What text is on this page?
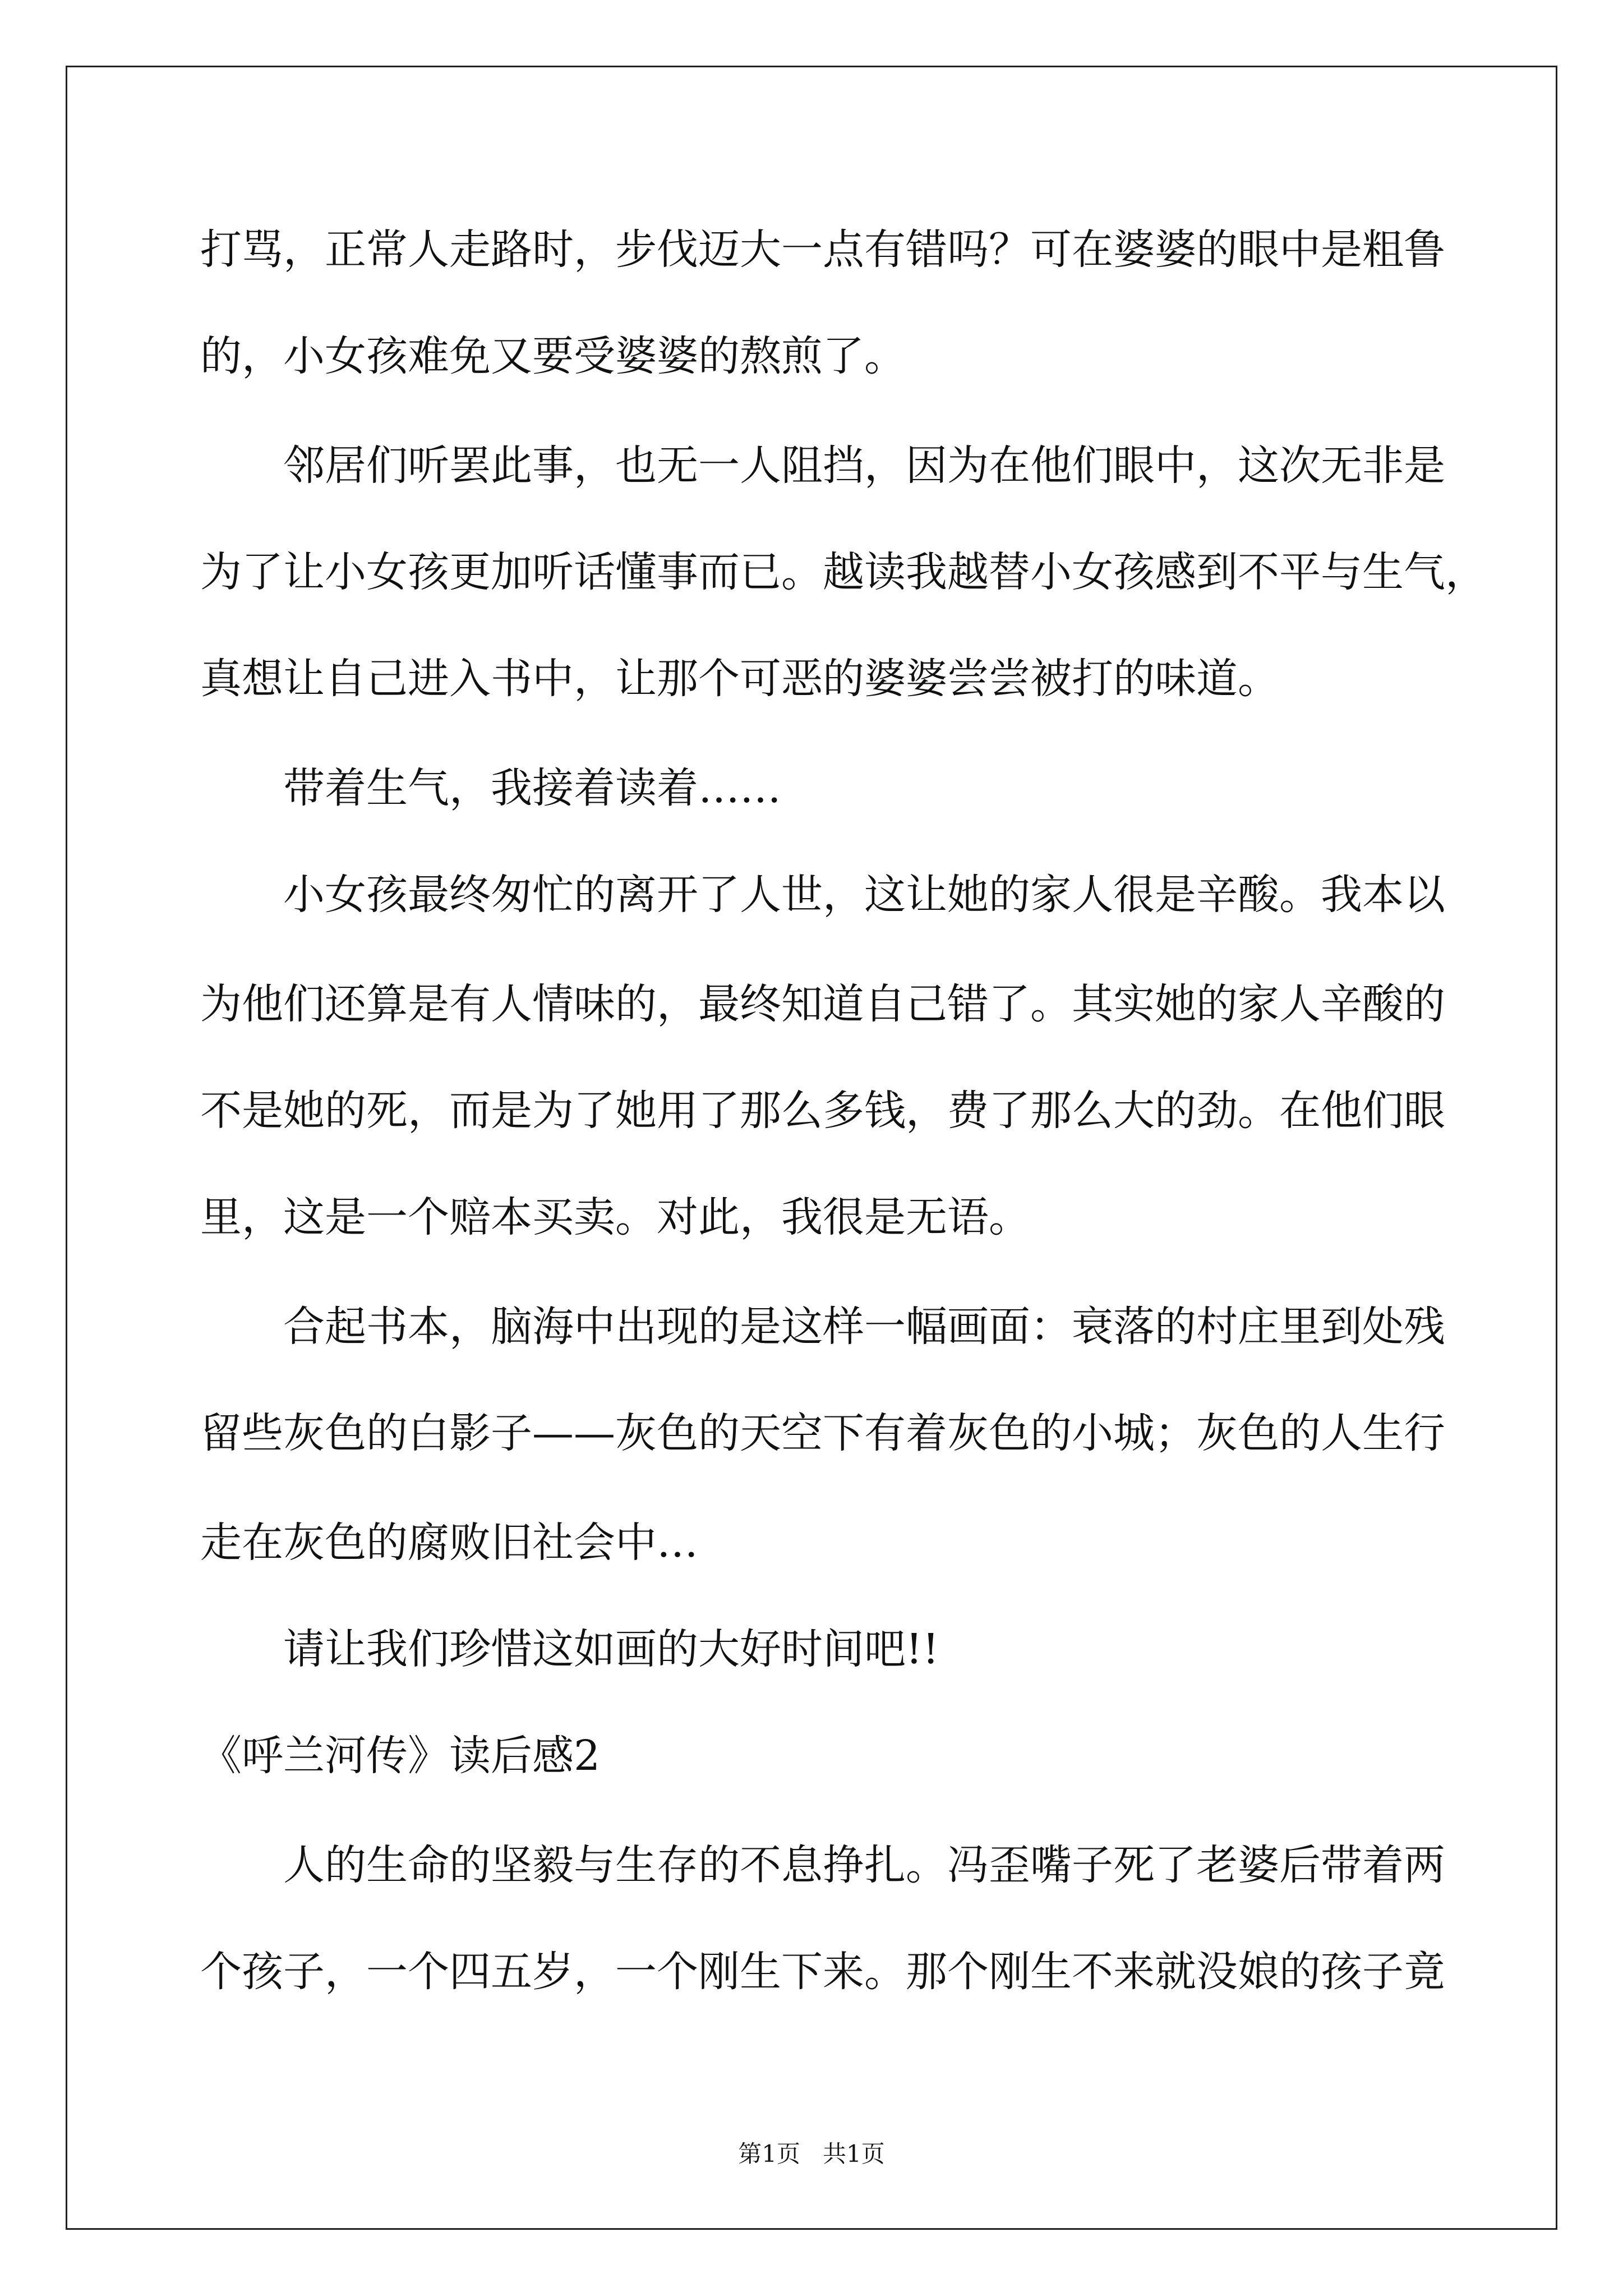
打骂，正常人走路时，步伐迈大一点有错吗？可在婆婆的眼中是粗鲁

的，小女孩难免又要受婆婆的熬煎了。

邻居们听罢此事，也无一人阻挡，因为在他们眼中，这次无非是

为了让小女孩更加听话懂事而已。越读我越替小女孩感到不平与生气，

真想让自己进入书中，让那个可恶的婆婆尝尝被打的味道。

带着生气，我接着读着……

小女孩最终匆忙的离开了人世，这让她的家人很是辛酸。我本以

为他们还算是有人情味的，最终知道自己错了。其实她的家人辛酸的

不是她的死，而是为了她用了那么多钱，费了那么大的劲。在他们眼

里，这是一个赔本买卖。对此，我很是无语。

合起书本，脑海中出现的是这样一幅画面：衰落的村庄里到处残

留些灰色的白影子——灰色的天空下有着灰色的小城；灰色的人生行

走在灰色的腐败旧社会中…

请让我们珍惜这如画的大好时间吧!!

《呼兰河传》读后感2

人的生命的坚毅与生存的不息挣扎。冯歪嘴子死了老婆后带着两

个孩子，一个四五岁，一个刚生下来。那个刚生不来就没娘的孩子竟

第1页   共1页
